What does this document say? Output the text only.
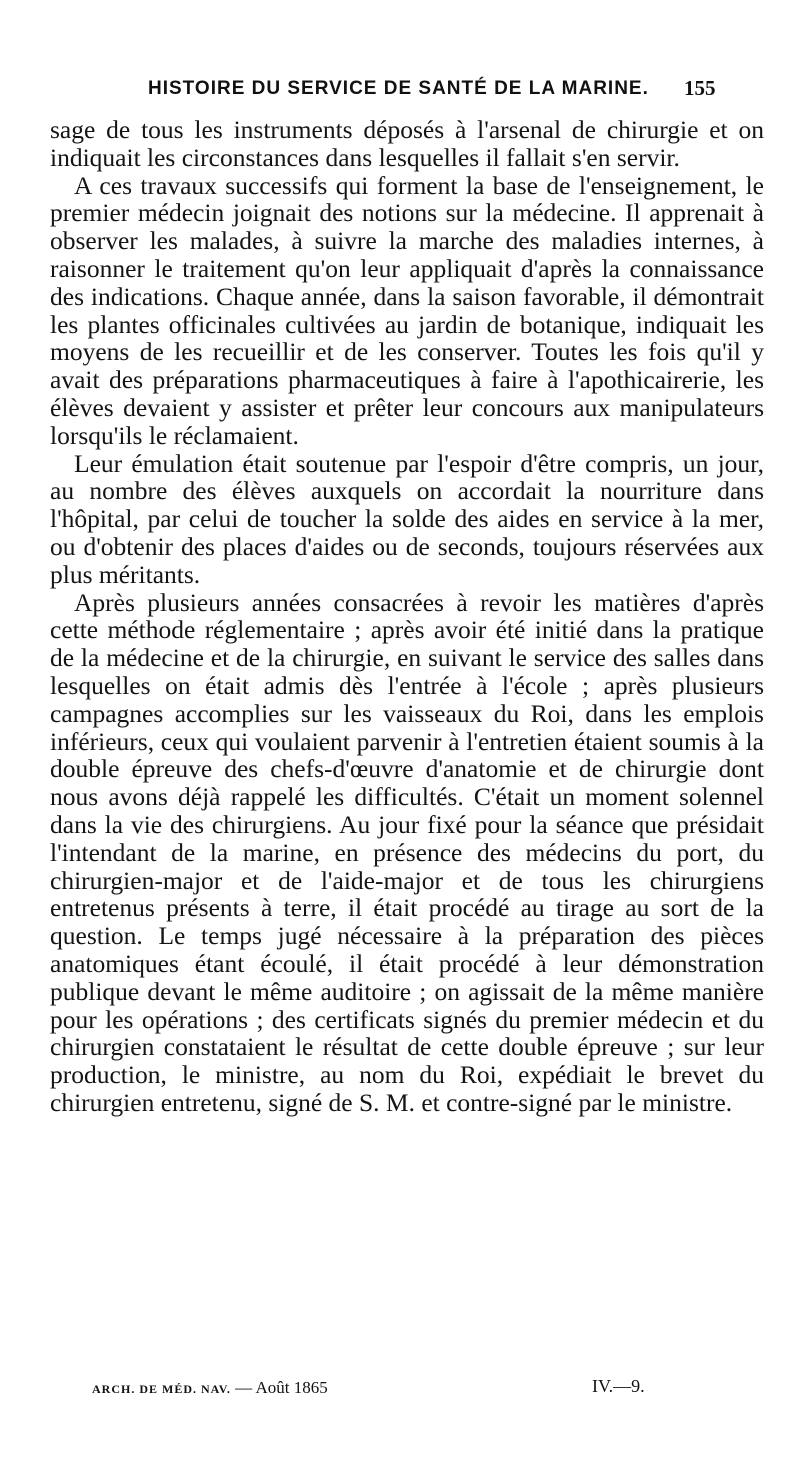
HISTOIRE DU SERVICE DE SANTÉ DE LA MARINE.	155

sage de tous les instruments déposés à l'arsenal de chirurgie et on indiquait les circonstances dans lesquelles il fallait s'en servir.

A ces travaux successifs qui forment la base de l'enseignement, le premier médecin joignait des notions sur la médecine. Il apprenait à observer les malades, à suivre la marche des maladies internes, à raisonner le traitement qu'on leur appliquait d'après la connaissance des indications. Chaque année, dans la saison favorable, il démontrait les plantes officinales cultivées au jardin de botanique, indiquait les moyens de les recueillir et de les conserver. Toutes les fois qu'il y avait des préparations pharmaceutiques à faire à l'apothicairerie, les élèves devaient y assister et prêter leur concours aux manipulateurs lorsqu'ils le réclamaient.

Leur émulation était soutenue par l'espoir d'être compris, un jour, au nombre des élèves auxquels on accordait la nourriture dans l'hôpital, par celui de toucher la solde des aides en service à la mer, ou d'obtenir des places d'aides ou de seconds, toujours réservées aux plus méritants.

Après plusieurs années consacrées à revoir les matières d'après cette méthode réglementaire ; après avoir été initié dans la pratique de la médecine et de la chirurgie, en suivant le service des salles dans lesquelles on était admis dès l'entrée à l'école ; après plusieurs campagnes accomplies sur les vaisseaux du Roi, dans les emplois inférieurs, ceux qui voulaient parvenir à l'entretien étaient soumis à la double épreuve des chefs-d'œuvre d'anatomie et de chirurgie dont nous avons déjà rappelé les difficultés. C'était un moment solennel dans la vie des chirurgiens. Au jour fixé pour la séance que présidait l'intendant de la marine, en présence des médecins du port, du chirurgien-major et de l'aide-major et de tous les chirurgiens entretenus présents à terre, il était procédé au tirage au sort de la question. Le temps jugé nécessaire à la préparation des pièces anatomiques étant écoulé, il était procédé à leur démonstration publique devant le même auditoire ; on agissait de la même manière pour les opérations ; des certificats signés du premier médecin et du chirurgien constataient le résultat de cette double épreuve ; sur leur production, le ministre, au nom du Roi, expédiait le brevet du chirurgien entretenu, signé de S. M. et contre-signé par le ministre.

ARCH. DE MÉD. NAV. — Août 1865	IV.—9.
